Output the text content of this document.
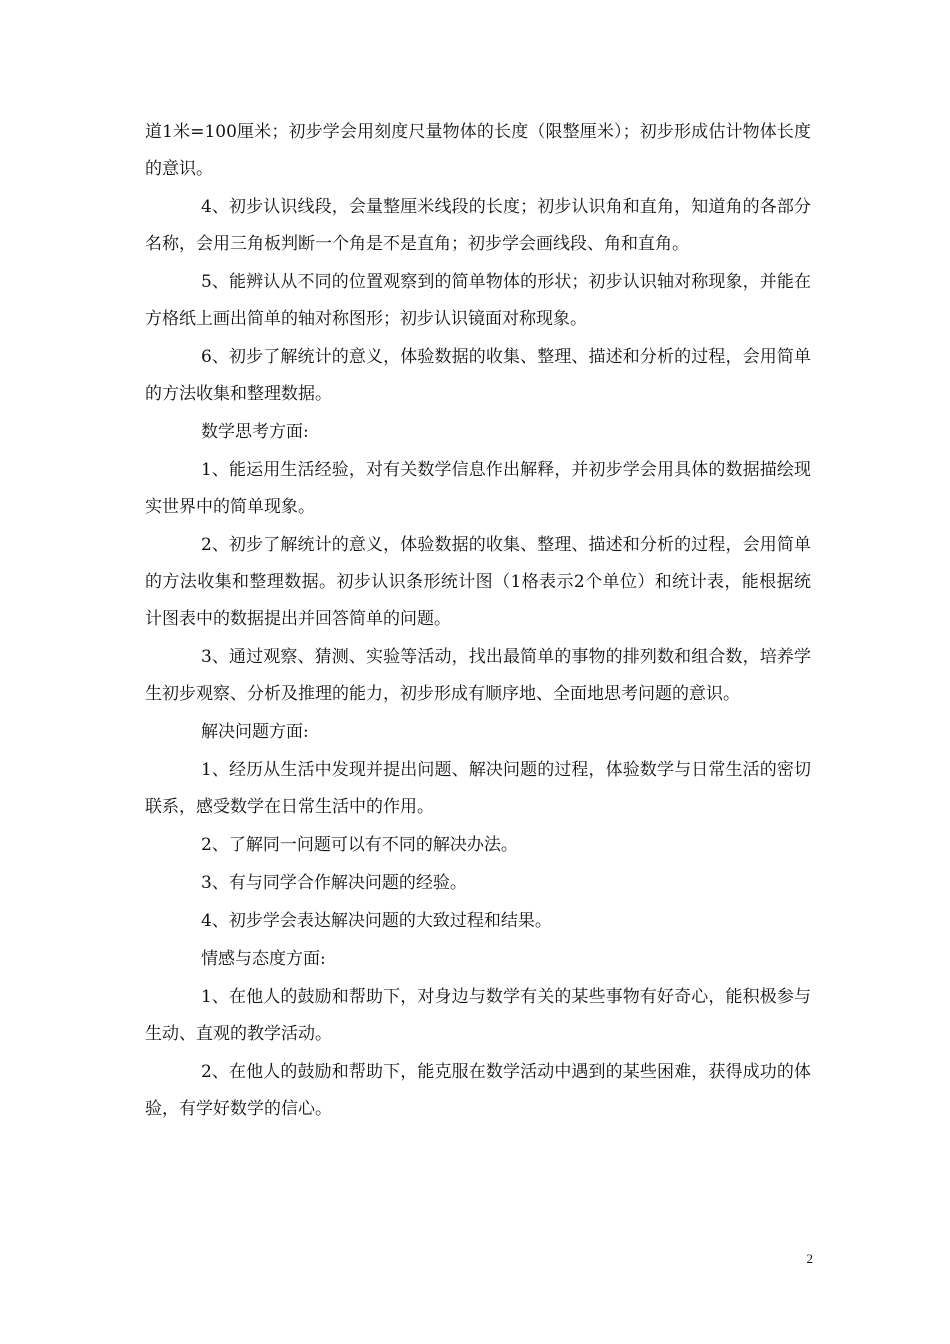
道1米=100厘米；初步学会用刻度尺量物体的长度（限整厘米）；初步形成估计物体长度的意识。

4、初步认识线段，会量整厘米线段的长度；初步认识角和直角，知道角的各部分名称，会用三角板判断一个角是不是直角；初步学会画线段、角和直角。

5、能辨认从不同的位置观察到的简单物体的形状；初步认识轴对称现象，并能在方格纸上画出简单的轴对称图形；初步认识镜面对称现象。

6、初步了解统计的意义，体验数据的收集、整理、描述和分析的过程，会用简单的方法收集和整理数据。

数学思考方面:

1、能运用生活经验，对有关数学信息作出解释，并初步学会用具体的数据描绘现实世界中的简单现象。

2、初步了解统计的意义，体验数据的收集、整理、描述和分析的过程，会用简单的方法收集和整理数据。初步认识条形统计图（1格表示2个单位）和统计表，能根据统计图表中的数据提出并回答简单的问题。

3、通过观察、猜测、实验等活动，找出最简单的事物的排列数和组合数，培养学生初步观察、分析及推理的能力，初步形成有顺序地、全面地思考问题的意识。

解决问题方面:

1、经历从生活中发现并提出问题、解决问题的过程，体验数学与日常生活的密切联系，感受数学在日常生活中的作用。

2、了解同一问题可以有不同的解决办法。

3、有与同学合作解决问题的经验。

4、初步学会表达解决问题的大致过程和结果。

情感与态度方面:

1、在他人的鼓励和帮助下，对身边与数学有关的某些事物有好奇心，能积极参与生动、直观的教学活动。

2、在他人的鼓励和帮助下，能克服在数学活动中遇到的某些困难，获得成功的体验，有学好数学的信心。

2
